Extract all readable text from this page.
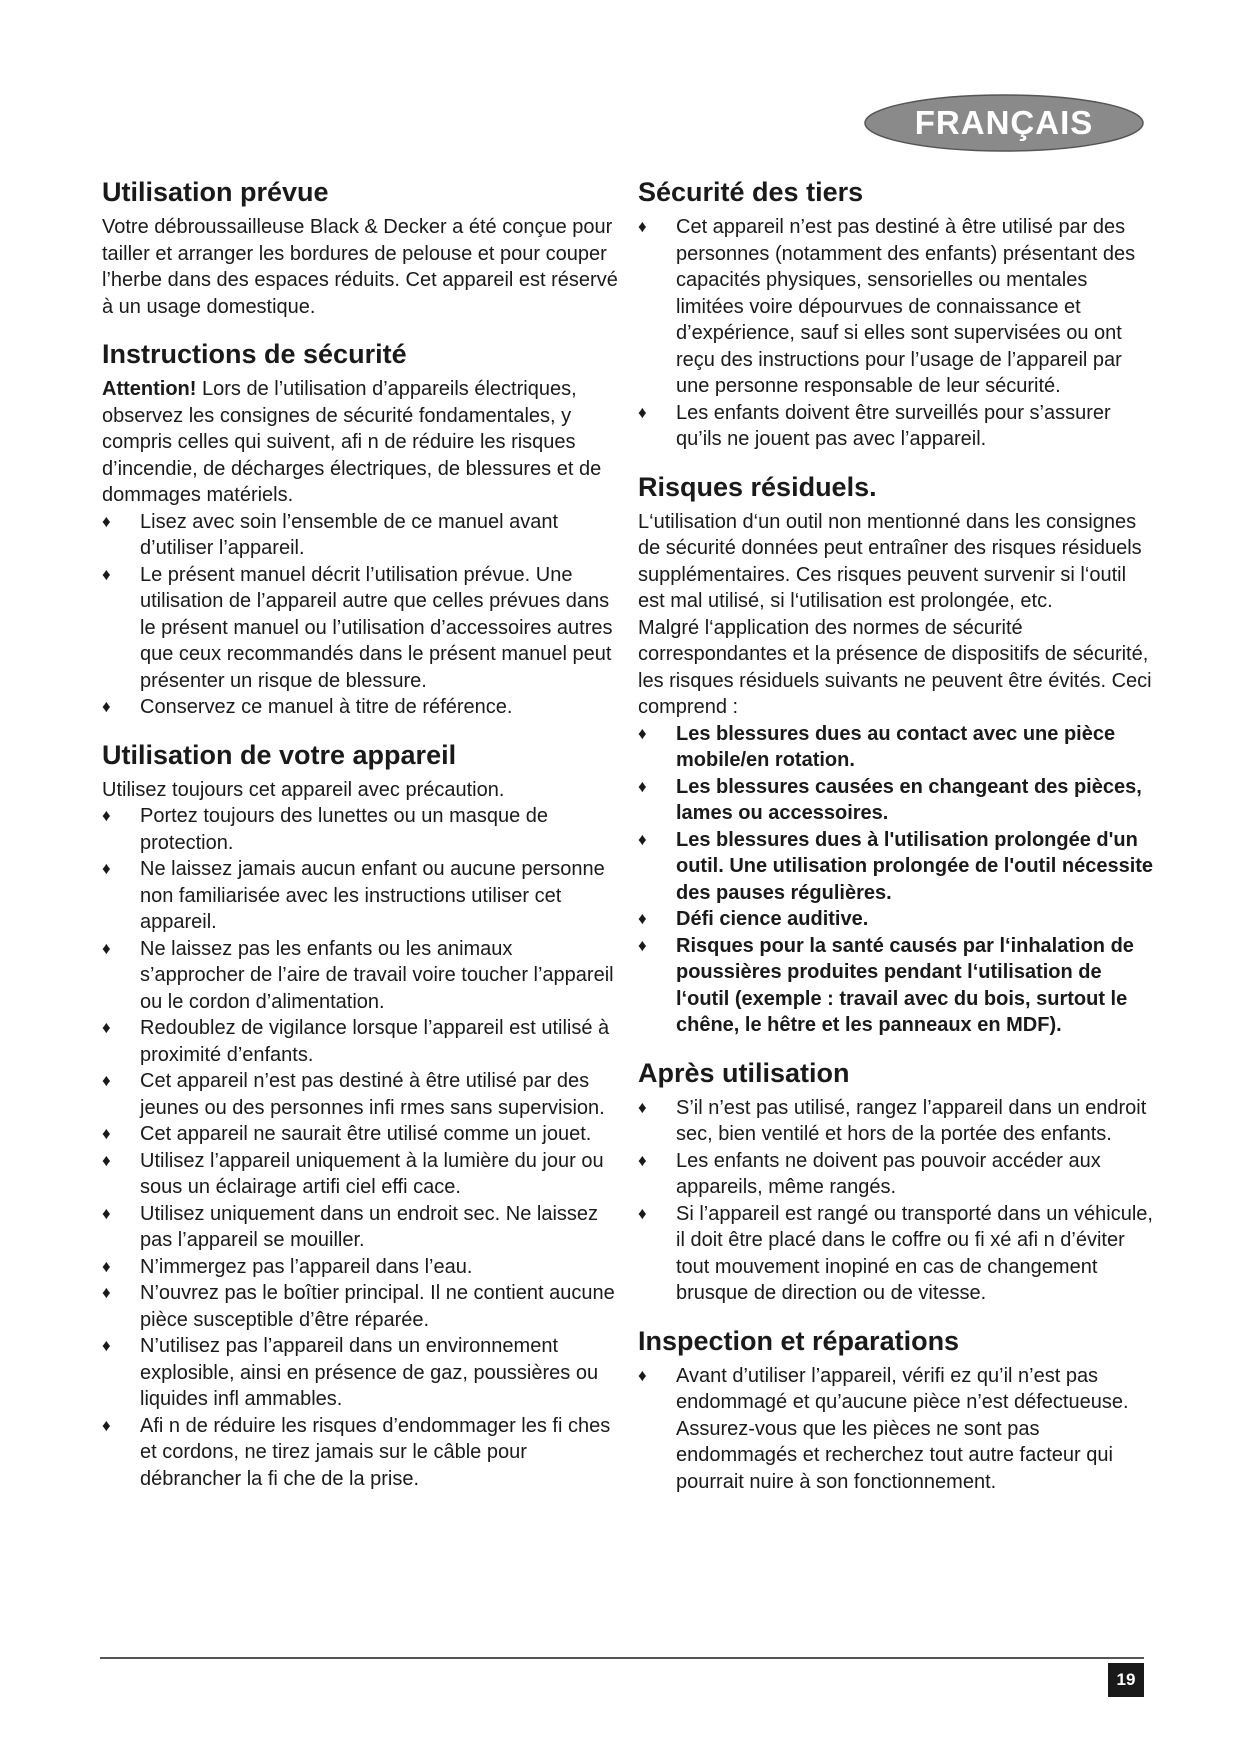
FRANÇAIS
Utilisation prévue

Votre débroussailleuse Black & Decker a été conçue pour tailler et arranger les bordures de pelouse et pour couper l’herbe dans des espaces réduits. Cet appareil est réservé à un usage domestique.

Instructions de sécurité

Attention! Lors de l’utilisation d’appareils électriques, observez les consignes de sécurité fondamentales, y compris celles qui suivent, afi n de réduire les risques d’incendie, de décharges électriques, de blessures et de dommages matériels.

♦	Lisez avec soin l’ensemble de ce manuel avant d’utiliser l’appareil.
♦	Le présent manuel décrit l’utilisation prévue. Une utilisation de l’appareil autre que celles prévues dans le présent manuel ou l’utilisation d’accessoires autres que ceux recommandés dans le présent manuel peut présenter un risque de blessure.
♦	Conservez ce manuel à titre de référence.
Utilisation de votre appareil

Utilisez toujours cet appareil avec précaution.

♦	Portez toujours des lunettes ou un masque de protection.
♦	Ne laissez jamais aucun enfant ou aucune personne non familiarisée avec les instructions utiliser cet appareil.
♦	Ne laissez pas les enfants ou les animaux s’approcher de l’aire de travail voire toucher l’appareil ou le cordon d’alimentation.
♦	Redoublez de vigilance lorsque l’appareil est utilisé à proximité d’enfants.
♦	Cet appareil n’est pas destiné à être utilisé par des jeunes ou des personnes infi rmes sans supervision.
♦	Cet appareil ne saurait être utilisé comme un jouet.
♦	Utilisez l’appareil uniquement à la lumière du jour ou sous un éclairage artifi ciel effi cace.
♦	Utilisez uniquement dans un endroit sec. Ne laissez pas l’appareil se mouiller.
♦	N’immergez pas l’appareil dans l’eau.
♦	N’ouvrez pas le boîtier principal. Il ne contient aucune pièce susceptible d’être réparée.
♦	N’utilisez pas l’appareil dans un environnement explosible, ainsi en présence de gaz, poussières ou liquides infl ammables.
♦	Afi n de réduire les risques d’endommager les fi ches et cordons, ne tirez jamais sur le câble pour débrancher la fi che de la prise.
Sécurité des tiers
♦	Cet appareil n’est pas destiné à être utilisé par des personnes (notamment des enfants) présentant des capacités physiques, sensorielles ou mentales limitées voire dépourvues de connaissance et d’expérience, sauf si elles sont supervisées ou ont reçu des instructions pour l’usage de l’appareil par une personne responsable de leur sécurité.
♦	Les enfants doivent être surveillés pour s’assurer qu’ils ne jouent pas avec l’appareil.
Risques résiduels.

L‘utilisation d‘un outil non mentionné dans les consignes de sécurité données peut entraîner des risques résiduels supplémentaires. Ces risques peuvent survenir si l‘outil est mal utilisé, si l‘utilisation est prolongée, etc.

Malgré l‘application des normes de sécurité correspondantes et la présence de dispositifs de sécurité, les risques résiduels suivants ne peuvent être évités. Ceci comprend :

♦	Les blessures dues au contact avec une pièce mobile/en rotation.
♦	Les blessures causées en changeant des pièces, lames ou accessoires.
♦	Les blessures dues à l'utilisation prolongée d'un outil. Une utilisation prolongée de l'outil nécessite des pauses régulières.
♦	Défi cience auditive.
♦	Risques pour la santé causés par l‘inhalation de poussières produites pendant l‘utilisation de l‘outil (exemple : travail avec du bois, surtout le chêne, le hêtre et les panneaux en MDF).
Après utilisation
♦	S’il n’est pas utilisé, rangez l’appareil dans un endroit sec, bien ventilé et hors de la portée des enfants.
♦	Les enfants ne doivent pas pouvoir accéder aux appareils, même rangés.
♦	Si l’appareil est rangé ou transporté dans un véhicule, il doit être placé dans le coffre ou fi xé afi n d’éviter tout mouvement inopiné en cas de changement brusque de direction ou de vitesse.
Inspection et réparations
♦	Avant d’utiliser l’appareil, vérifi ez qu’il n’est pas endommagé et qu’aucune pièce n’est défectueuse. Assurez-vous que les pièces ne sont pas endommagés et recherchez tout autre facteur qui pourrait nuire à son fonctionnement.
19
